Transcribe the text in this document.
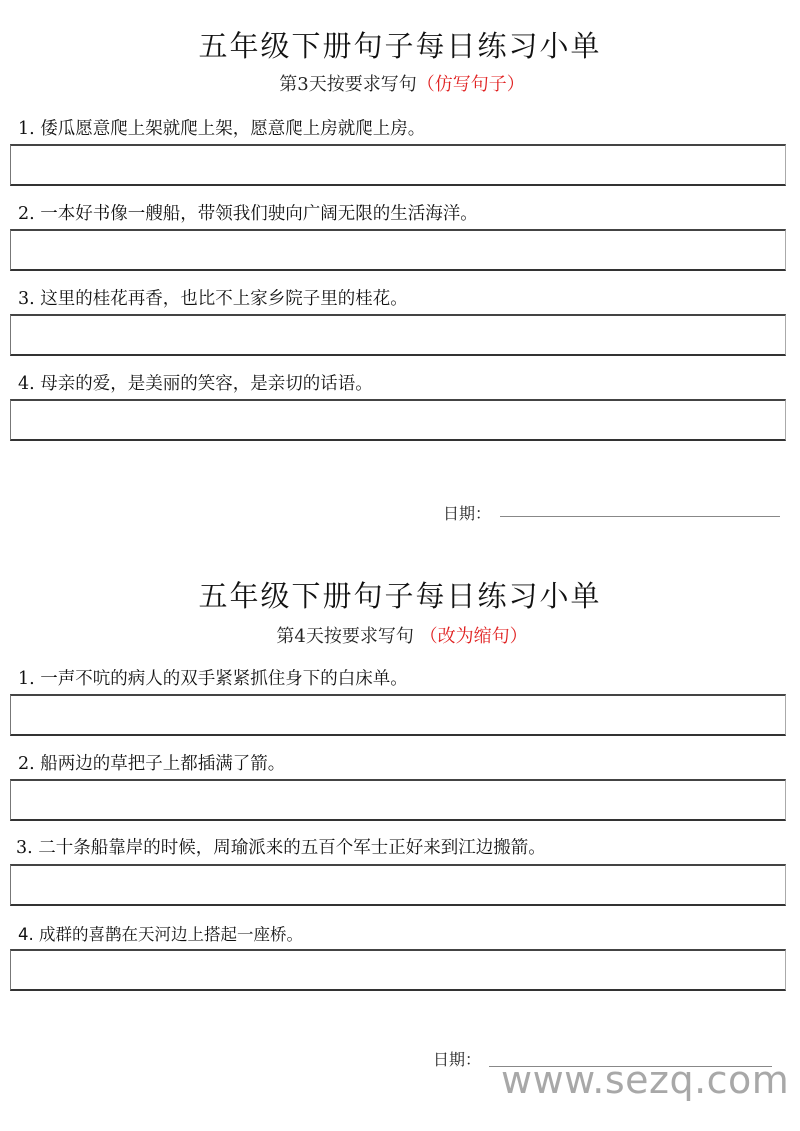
五年级下册句子每日练习小单
第3天按要求写句（仿写句子）
1. 倭瓜愿意爬上架就爬上架，愿意爬上房就爬上房。
2. 一本好书像一艘船，带领我们驶向广阔无限的生活海洋。
3. 这里的桂花再香，也比不上家乡院子里的桂花。
4. 母亲的爱，是美丽的笑容，是亲切的话语。
日期：
五年级下册句子每日练习小单
第4天按要求写句 （改为缩句）
1. 一声不吭的病人的双手紧紧抓住身下的白床单。
2. 船两边的草把子上都插满了箭。
3. 二十条船靠岸的时候，周瑜派来的五百个军士正好来到江边搬箭。
4. 成群的喜鹊在天河边上搭起一座桥。
日期： www.sezq.com
